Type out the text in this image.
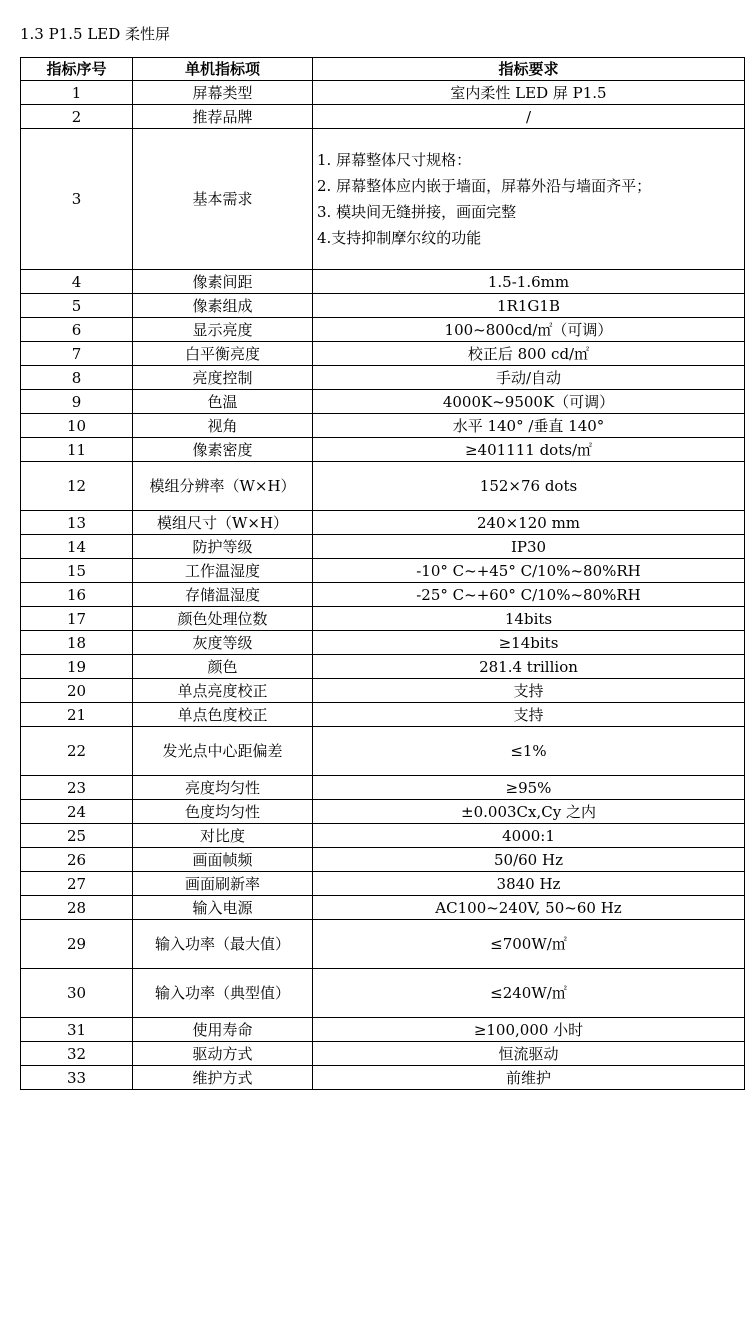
1.3 P1.5 LED 柔性屏
指标序号	单机指标项	指标要求
1	屏幕类型	室内柔性 LED 屏 P1.5
2	推荐品牌	/
3	基本需求	1. 屏幕整体尺寸规格：
2. 屏幕整体应内嵌于墙面，屏幕外沿与墙面齐平；
3. 模块间无缝拼接，画面完整
4.支持抑制摩尔纹的功能

4	像素间距	1.5-1.6mm
5	像素组成	1R1G1B
6	显示亮度	100~800cd/㎡（可调）
7	白平衡亮度	校正后 800 cd/㎡
8	亮度控制	手动/自动
9	色温	4000K~9500K（可调）
10	视角	水平 140° /垂直 140°
11	像素密度	≥401111 dots/㎡
12	模组分辨率（W×H）	152×76 dots
13	模组尺寸（W×H）	240×120 mm
14	防护等级	IP30
15	工作温湿度	-10° C~+45° C/10%~80%RH
16	存储温湿度	-25° C~+60° C/10%~80%RH
17	颜色处理位数	14bits
18	灰度等级	≥14bits
19	颜色	281.4 trillion
20	单点亮度校正	支持
21	单点色度校正	支持
22	发光点中心距偏差	≤1%
23	亮度均匀性	≥95%
24	色度均匀性	±0.003Cx,Cy 之内
25	对比度	4000:1
26	画面帧频	50/60 Hz
27	画面刷新率	3840 Hz
28	输入电源	AC100~240V, 50~60 Hz
29	输入功率（最大值）	≤700W/㎡
30	输入功率（典型值）	≤240W/㎡
31	使用寿命	≥100,000 小时
32	驱动方式	恒流驱动
33	维护方式	前维护
